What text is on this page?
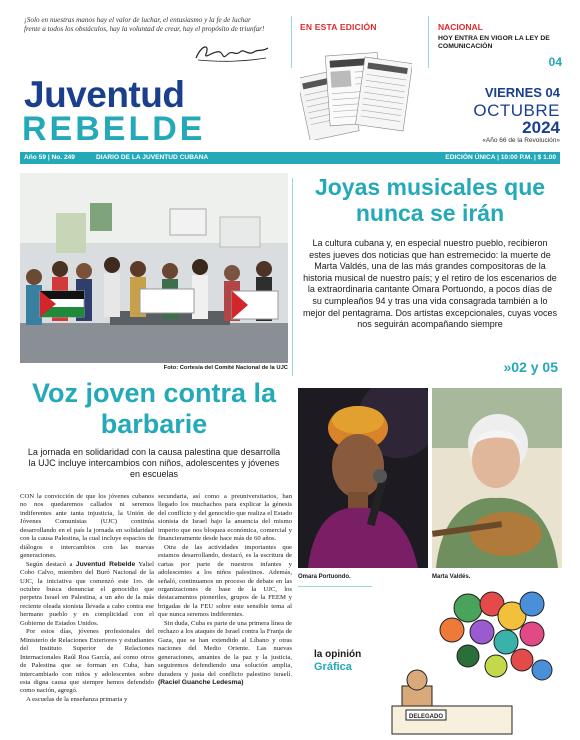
¡Solo en nuestras manos hay el valor de luchar, el entusiasmo y la fe de luchar frente a todos los obstáculos, hay la voluntad de crear, hay el propósito de triunfar!	EN ESTA EDICIÓN	NACIONAL
HOY ENTRA EN VIGOR LA LEY DE COMUNICACIÓN
04
Juventud
REBELDE
VIERNES 04
OCTUBRE
2024
«Año 66 de la Revolución»
Año 59 | No. 249	DIARIO DE LA JUVENTUD CUBANA	EDICIÓN ÚNICA | 10:00 P.M. | $ 1.00
Foto: Cortesía del Comité Nacional de la UJC
Joyas musicales que nunca se irán
La cultura cubana y, en especial nuestro pueblo, recibieron estes jueves dos noticias que han estremecido: la muerte de Marta Valdés, una de las más grandes compositoras de la historia musical de nuestro país; y el retiro de los escenarios de la extraordinaria cantante Omara Portuondo, a pocos días de su cumpleaños 94 y tras una vida consagrada también a lo mejor del pentagrama. Dos artistas excepcionales, cuyas voces nos seguirán acompañando siempre
»02 y 05
Voz joven contra la barbarie
La jornada en solidaridad con la causa palestina que desarrolla la UJC incluye intercambios con niños, adolescentes y jóvenes en escuelas

CON la convicción de que los jóvenes cubanos no nos quedaremos callados ni seremos indiferentes ante tanta injusticia, la Unión de Jóvenes Comunistas (UJC) continúa desarrollando en el país la jornada en solidaridad con la causa Palestina, la cual incluye espacios de diálogos e intercambios con las nuevas generaciones.

Según destacó a Juventud Rebelde Yaliel Cobo Calvo, miembro del Buró Nacional de la UJC, la iniciativa que comenzó este 1ro. de octubre busca denunciar el genocidio que perpetra Israel en Palestina, a un año de la más reciente oleada sionista llevada a cabo contra ese hermano pueblo y en complicidad con el Gobierno de Estados Unidos.

Por estos días, jóvenes profesionales del Ministerio de Relaciones Exteriores y estudiantes del Instituto Superior de Relaciones Internacionales Raúl Roa García, así como otros de Palestina que se forman en Cuba, han intercambiado con niños y adolescentes sobre esta digna causa que siempre hemos defendido como nación, agregó.

A escuelas de la enseñanza primaria y

secundaria, así como a preuniversitarios, han llegado los muchachos para explicar la génesis del conflicto y del genocidio que realiza el Estado sionista de Israel bajo la anuencia del mismo imperio que nos bloquea económica, comercial y financieramente desde hace más de 60 años.

Otra de las actividades importantes que estamos desarrollando, destacó, es la escritura de cartas por parte de nuestros infantes y adolescentes a los niños palestinos. Además, señaló, continuamos un proceso de debate en las organizaciones de base de la UJC, los destacamentos pioneriles, grupos de la FEEM y brigadas de la FEU sobre este sensible tema al que nunca seremos indiferentes.

Sin duda, Cuba es parte de una primera línea de rechazo a los ataques de Israel contra la Franja de Gaza, que se han extendido al Líbano y otras naciones del Medio Oriente. Las nuevas generaciones, amantes de la paz y la justicia, seguiremos defendiendo una solución amplia, duradera y justa del conflicto palestino israelí. (Raciel Guanche Ledesma)

Omara Portuondo.	Marta Valdés.
la opinión
Gráfica
DELEGADO
